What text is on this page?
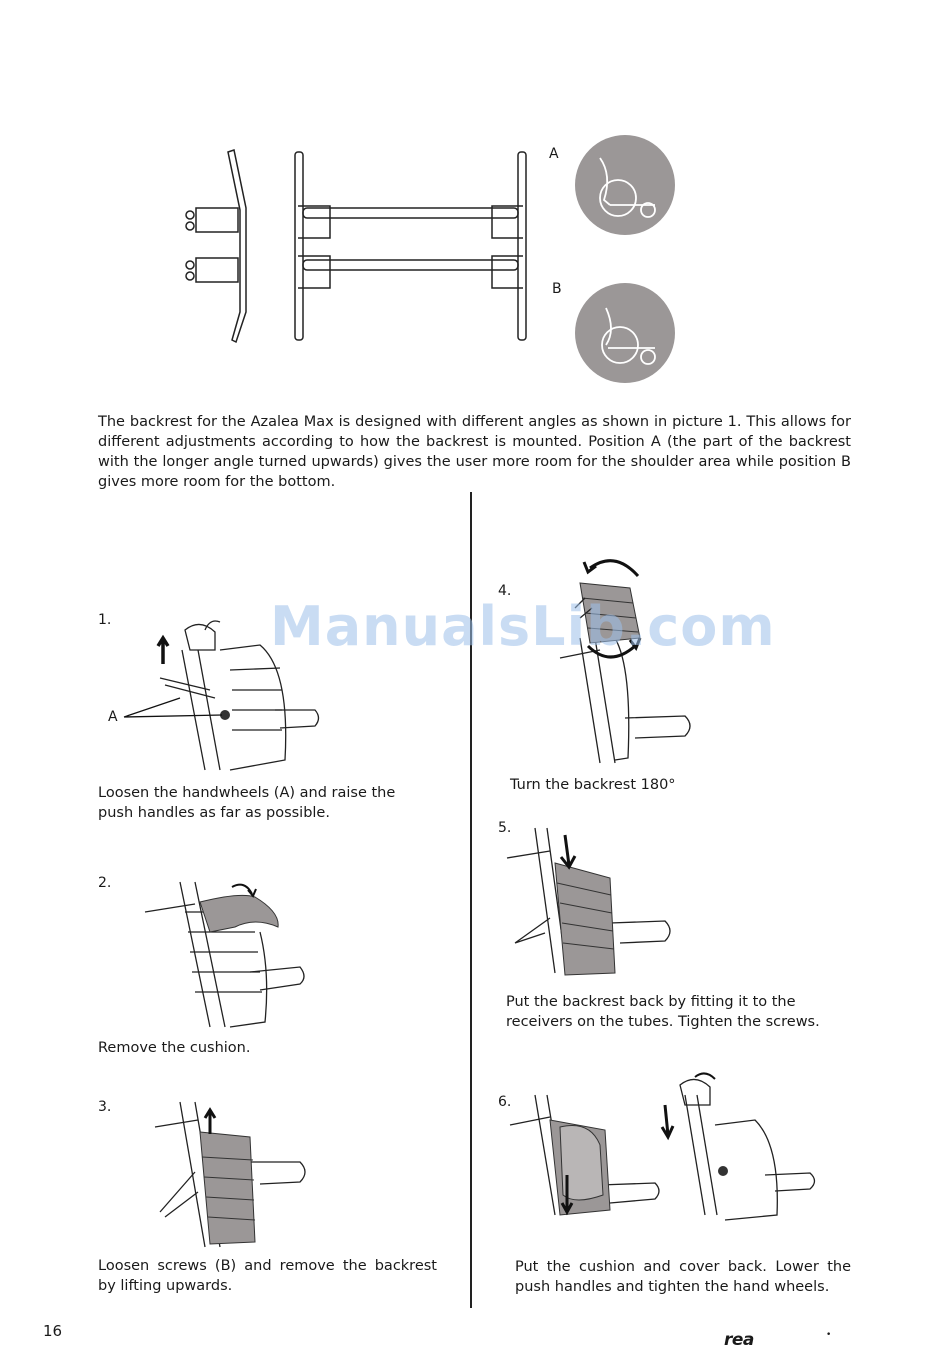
A
B
The backrest for the Azalea Max is designed with different angles as shown in picture 1. This allows for different adjustments according to how the backrest is mounted. Position A (the part of the backrest with the longer angle turned upwards) gives the user more room for the shoulder area while position B gives more room for the bottom.
1.
A
Loosen the handwheels (A) and raise the push handles as far as possible.
2.
Remove the cushion.
3.
Loosen screws (B) and remove the backrest by lifting upwards.
4.
Turn the backrest 180°
5.
Put the backrest back by fitting it to the receivers on the tubes. Tighten the screws.
6.
Put the cushion and cover back. Lower the push handles and tighten the hand wheels.
ManualsLib.com
16	rea	•
